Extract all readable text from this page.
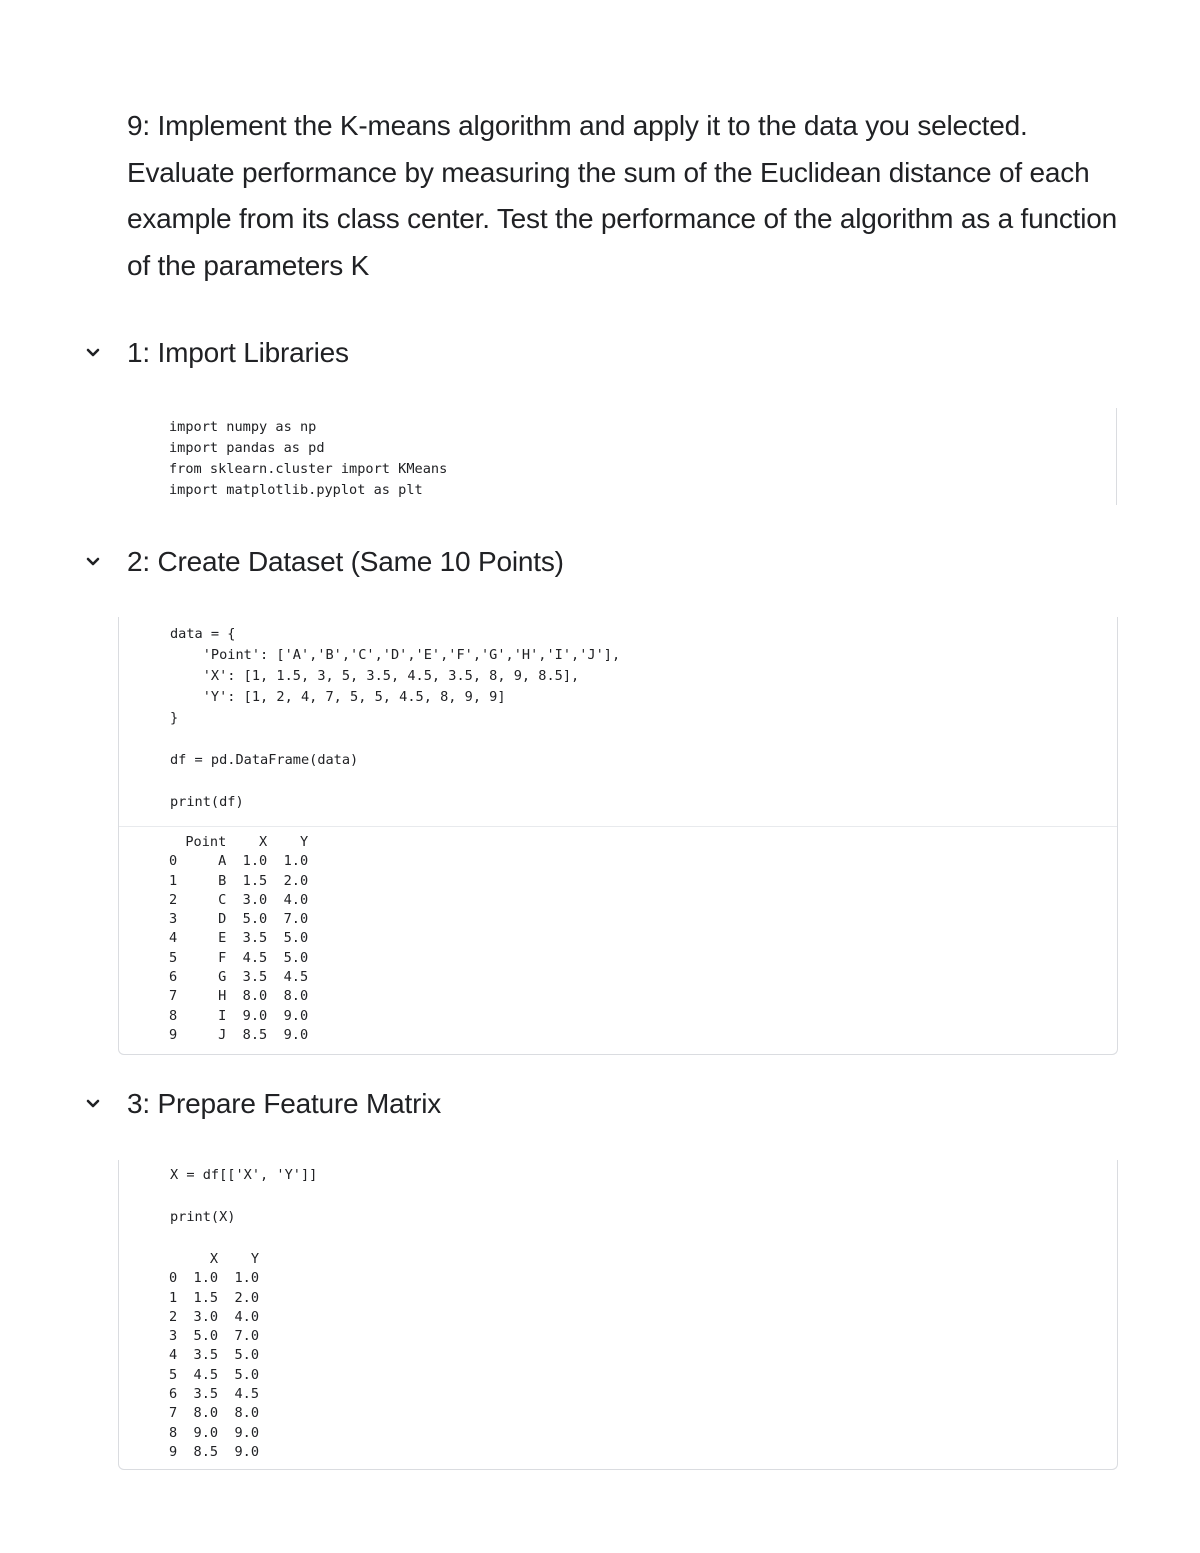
9: Implement the K-means algorithm and apply it to the data you selected. Evaluate performance by measuring the sum of the Euclidean distance of each example from its class center. Test the performance of the algorithm as a function of the parameters K
1: Import Libraries
import numpy as np
import pandas as pd
from sklearn.cluster import KMeans
import matplotlib.pyplot as plt
2: Create Dataset (Same 10 Points)
data = {
'Point': ['A','B','C','D','E','F','G','H','I','J'],
'X': [1, 1.5, 3, 5, 3.5, 4.5, 3.5, 8, 9, 8.5],
'Y': [1, 2, 4, 7, 5, 5, 4.5, 8, 9, 9]
}

df = pd.DataFrame(data)

print(df)
Point    X    Y
0     A  1.0  1.0
1     B  1.5  2.0
2     C  3.0  4.0
3     D  5.0  7.0
4     E  3.5  5.0
5     F  4.5  5.0
6     G  3.5  4.5
7     H  8.0  8.0
8     I  9.0  9.0
9     J  8.5  9.0
3: Prepare Feature Matrix
X = df[['X', 'Y']]

print(X)
X    Y
0  1.0  1.0
1  1.5  2.0
2  3.0  4.0
3  5.0  7.0
4  3.5  5.0
5  4.5  5.0
6  3.5  4.5
7  8.0  8.0
8  9.0  9.0
9  8.5  9.0
